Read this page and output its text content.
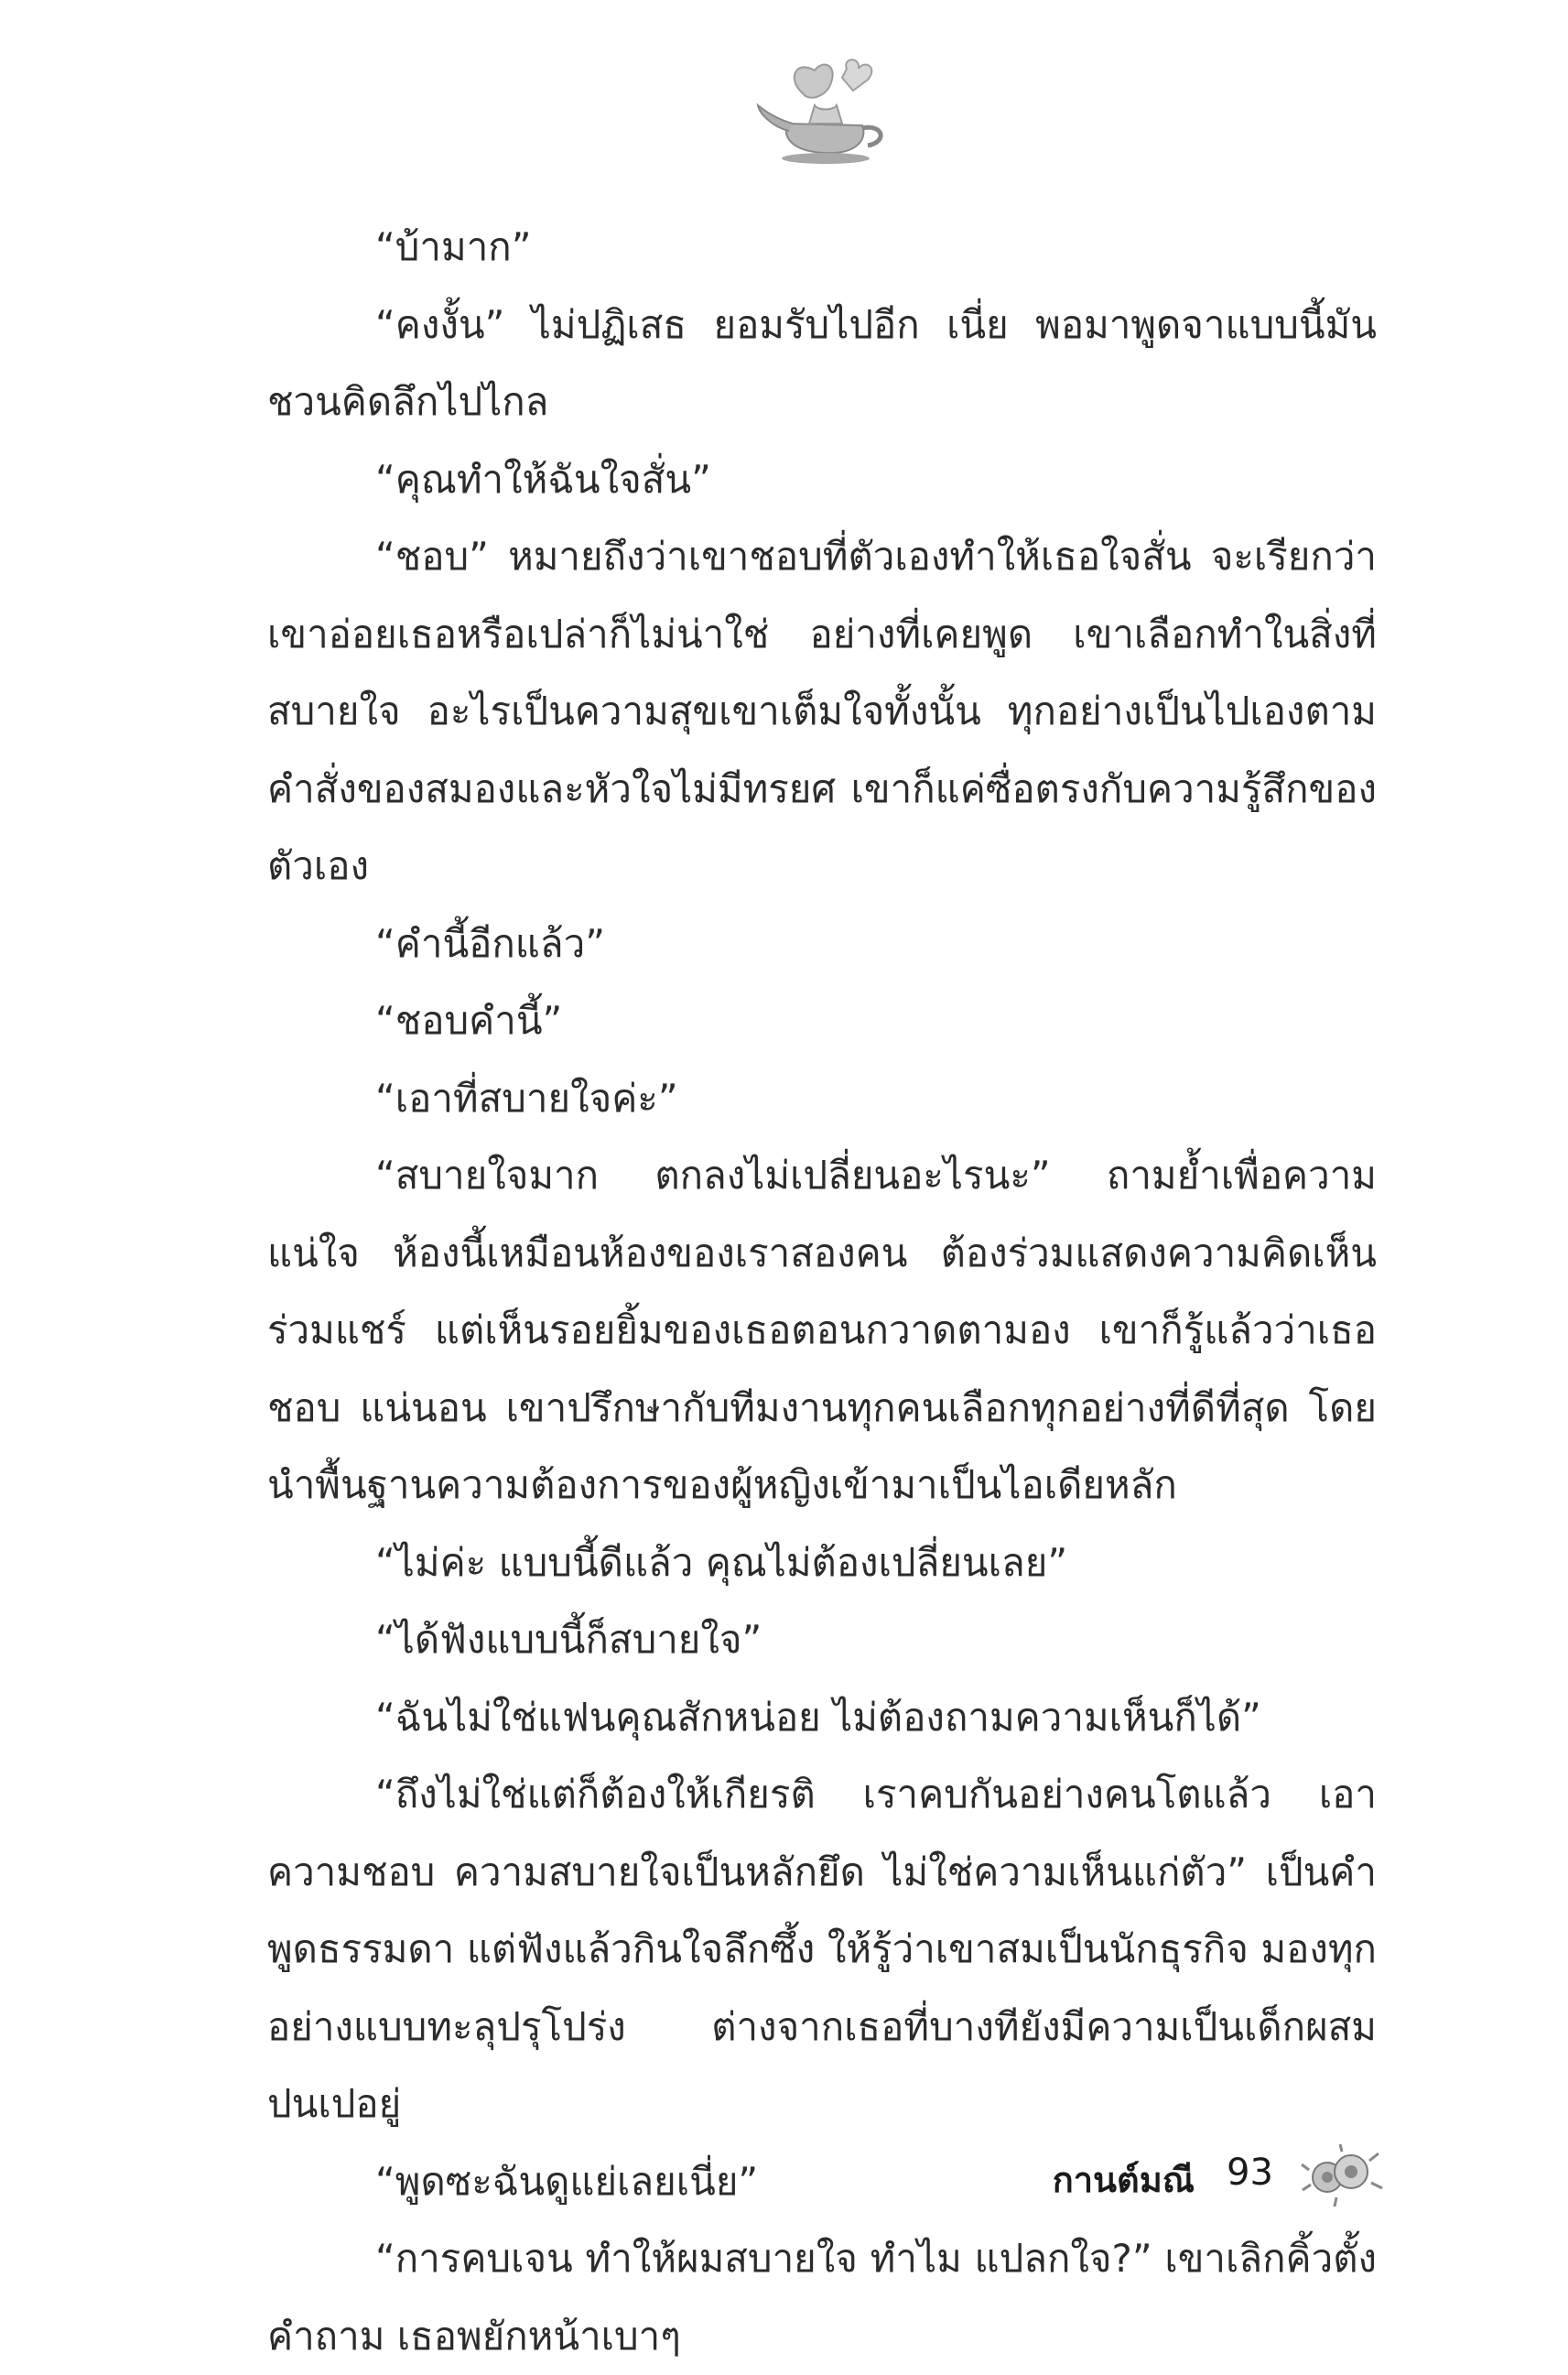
“บ้ามาก”

“คงงั้น” ไม่ปฏิเสธ ยอมรับไปอีก เนี่ย พอมาพูดจาแบบนี้มันชวนคิดลึกไปไกล

“คุณทำให้ฉันใจสั่น”

“ชอบ” หมายถึงว่าเขาชอบที่ตัวเองทำให้เธอใจสั่น จะเรียกว่าเขาอ่อยเธอหรือเปล่าก็ไม่น่าใช่ อย่างที่เคยพูด เขาเลือกทำในสิ่งที่สบายใจ อะไรเป็นความสุขเขาเต็มใจทั้งนั้น ทุกอย่างเป็นไปเองตามคำสั่งของสมองและหัวใจไม่มีทรยศ เขาก็แค่ซื่อตรงกับความรู้สึกของตัวเอง

“คำนี้อีกแล้ว”

“ชอบคำนี้”

“เอาที่สบายใจค่ะ”

“สบายใจมาก ตกลงไม่เปลี่ยนอะไรนะ” ถามย้ำเพื่อความแน่ใจ ห้องนี้เหมือนห้องของเราสองคน ต้องร่วมแสดงความคิดเห็นร่วมแชร์ แต่เห็นรอยยิ้มของเธอตอนกวาดตามอง เขาก็รู้แล้วว่าเธอชอบ แน่นอน เขาปรึกษากับทีมงานทุกคนเลือกทุกอย่างที่ดีที่สุด โดยนำพื้นฐานความต้องการของผู้หญิงเข้ามาเป็นไอเดียหลัก

“ไม่ค่ะ แบบนี้ดีแล้ว คุณไม่ต้องเปลี่ยนเลย”

“ได้ฟังแบบนี้ก็สบายใจ”

“ฉันไม่ใช่แฟนคุณสักหน่อย ไม่ต้องถามความเห็นก็ได้”

“ถึงไม่ใช่แต่ก็ต้องให้เกียรติ เราคบกันอย่างคนโตแล้ว เอาความชอบ ความสบายใจเป็นหลักยึด ไม่ใช่ความเห็นแก่ตัว” เป็นคำพูดธรรมดา แต่ฟังแล้วกินใจลึกซึ้ง ให้รู้ว่าเขาสมเป็นนักธุรกิจ มองทุกอย่างแบบทะลุปรุโปร่ง ต่างจากเธอที่บางทียังมีความเป็นเด็กผสมปนเปอยู่

“พูดซะฉันดูแย่เลยเนี่ย”

“การคบเจน ทำให้ผมสบายใจ ทำไม แปลกใจ?” เขาเลิกคิ้วตั้งคำถาม เธอพยักหน้าเบาๆ

กานต์มณี 93
